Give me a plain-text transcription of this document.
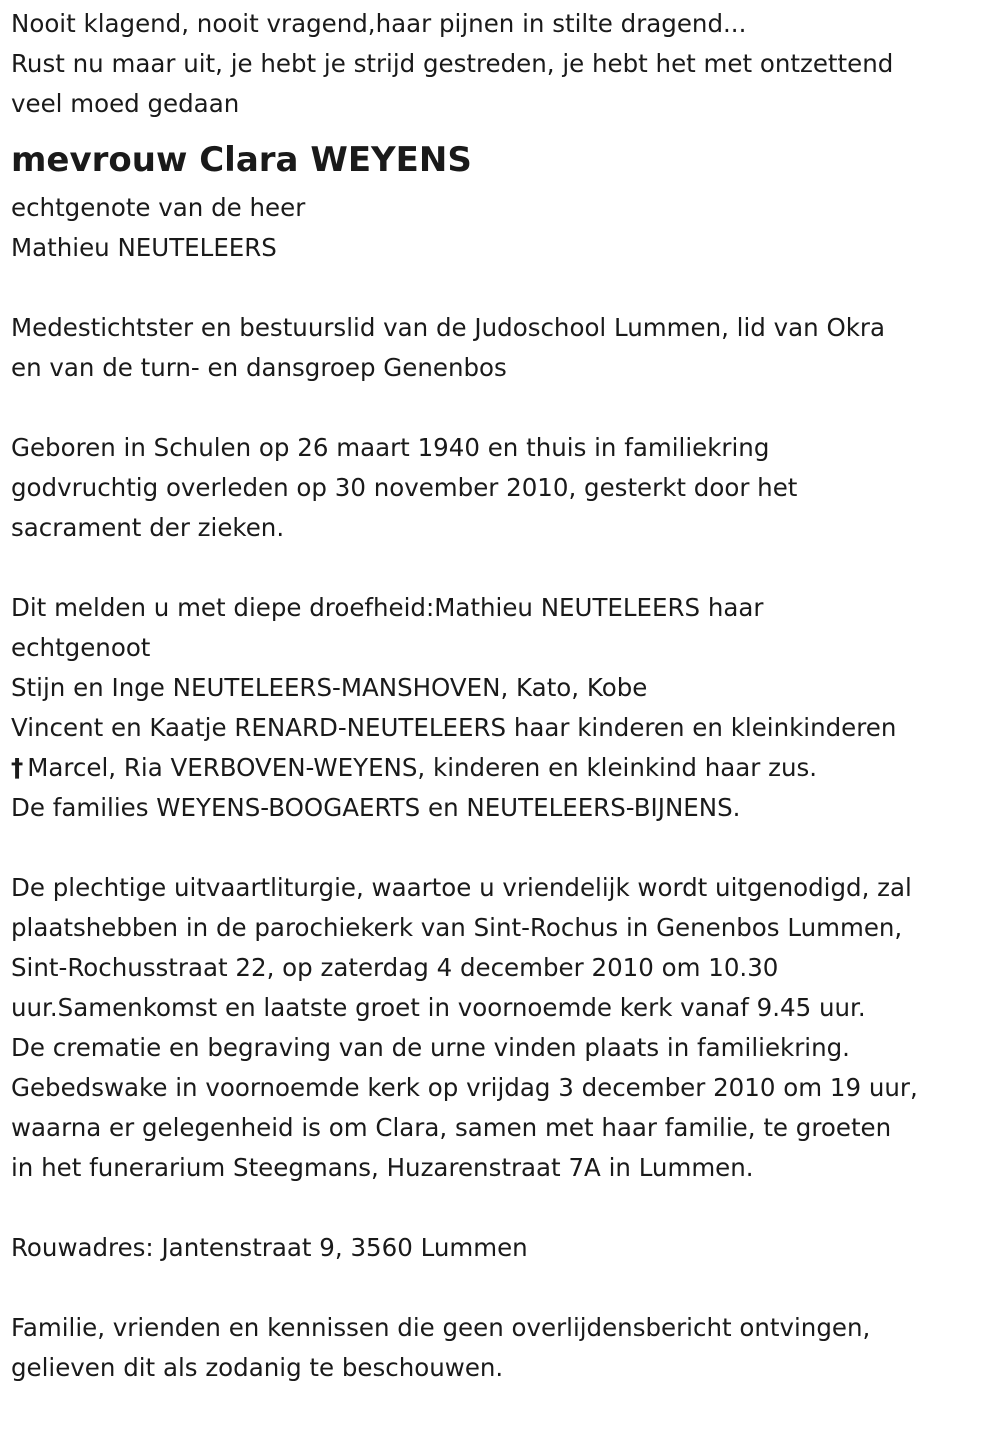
Nooit klagend, nooit vragend,haar pijnen in stilte dragend...
Rust nu maar uit, je hebt je strijd gestreden, je hebt het met ontzettend
veel moed gedaan
mevrouw Clara WEYENS
echtgenote van de heer
Mathieu NEUTELEERS
Medestichtster en bestuurslid van de Judoschool Lummen, lid van Okra
en van de turn- en dansgroep Genenbos
Geboren in Schulen op 26 maart 1940 en thuis in familiekring
godvruchtig overleden op 30 november 2010, gesterkt door het
sacrament der zieken.
Dit melden u met diepe droefheid:Mathieu NEUTELEERS haar
echtgenoot
Stijn en Inge NEUTELEERS-MANSHOVEN, Kato, Kobe
Vincent en Kaatje RENARD-NEUTELEERS haar kinderen en kleinkinderen
† Marcel, Ria VERBOVEN-WEYENS, kinderen en kleinkind haar zus.
De families WEYENS-BOOGAERTS en NEUTELEERS-BIJNENS.
De plechtige uitvaartliturgie, waartoe u vriendelijk wordt uitgenodigd, zal
plaatshebben in de parochiekerk van Sint-Rochus in Genenbos Lummen,
Sint-Rochusstraat 22, op zaterdag 4 december 2010 om 10.30
uur.Samenkomst en laatste groet in voornoemde kerk vanaf 9.45 uur.
De crematie en begraving van de urne vinden plaats in familiekring.
Gebedswake in voornoemde kerk op vrijdag 3 december 2010 om 19 uur,
waarna er gelegenheid is om Clara, samen met haar familie, te groeten
in het funerarium Steegmans, Huzarenstraat 7A in Lummen.
Rouwadres: Jantenstraat 9, 3560 Lummen
Familie, vrienden en kennissen die geen overlijdensbericht ontvingen,
gelieven dit als zodanig te beschouwen.
